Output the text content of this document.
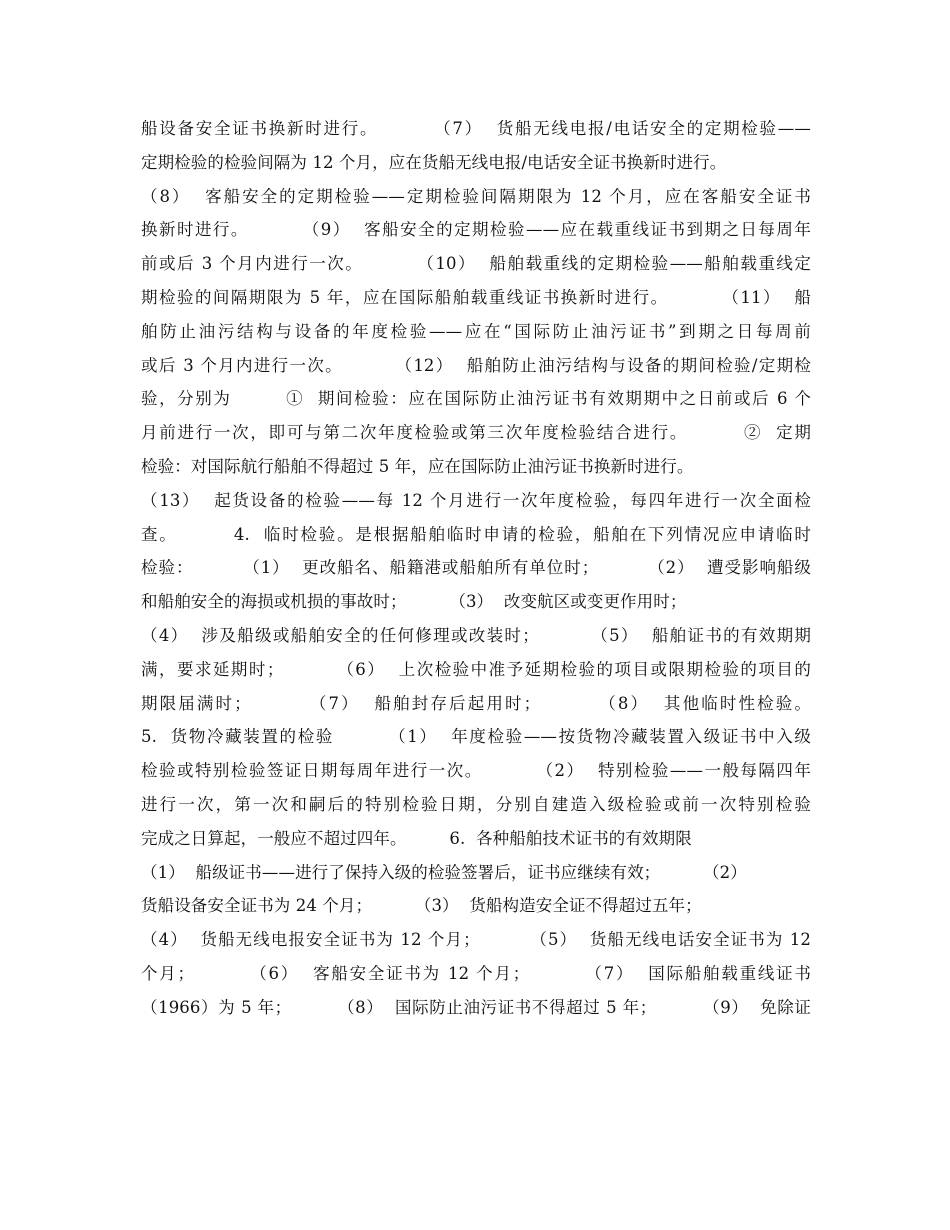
船设备安全证书换新时进行。        （7）  货船无线电报/电话安全的定期检验——
定期检验的检验间隔为 12 个月，应在货船无线电报/电话安全证书换新时进行。
（8）  客船安全的定期检验——定期检验间隔期限为 12 个月，应在客船安全证书
换新时进行。        （9）  客船安全的定期检验——应在载重线证书到期之日每周年
前或后 3 个月内进行一次。        （10）  船舶载重线的定期检验——船舶载重线定
期检验的间隔期限为 5 年，应在国际船舶载重线证书换新时进行。        （11）  船
舶防止油污结构与设备的年度检验——应在“国际防止油污证书”到期之日每周前
或后 3 个月内进行一次。        （12）  船舶防止油污结构与设备的期间检验/定期检
验，分别为        ①  期间检验：应在国际防止油污证书有效期期中之日前或后 6 个
月前进行一次，即可与第二次年度检验或第三次年度检验结合进行。        ②  定期
检验：对国际航行船舶不得超过 5 年，应在国际防止油污证书换新时进行。
（13）  起货设备的检验——每 12 个月进行一次年度检验，每四年进行一次全面检
查。        4.  临时检验。是根据船舶临时申请的检验，船舶在下列情况应申请临时
检验：        （1）  更改船名、船籍港或船舶所有单位时；        （2）  遭受影响船级
和船舶安全的海损或机损的事故时；        （3）  改变航区或变更作用时；
（4）  涉及船级或船舶安全的任何修理或改装时；        （5）  船舶证书的有效期期
满，要求延期时；        （6）  上次检验中准予延期检验的项目或限期检验的项目的
期限届满时；        （7）  船舶封存后起用时；        （8）  其他临时性检验。
5.  货物冷藏装置的检验        （1）  年度检验——按货物冷藏装置入级证书中入级
检验或特别检验签证日期每周年进行一次。        （2）  特别检验——一般每隔四年
进行一次，第一次和嗣后的特别检验日期，分别自建造入级检验或前一次特别检验
完成之日算起，一般应不超过四年。        6.  各种船舶技术证书的有效期限
（1）  船级证书——进行了保持入级的检验签署后，证书应继续有效；        （2）
货船设备安全证书为 24 个月；        （3）  货船构造安全证不得超过五年；
（4）  货船无线电报安全证书为 12 个月；        （5）  货船无线电话安全证书为 12
个月；        （6）  客船安全证书为 12 个月；        （7）  国际船舶载重线证书
（1966）为 5 年；        （8）  国际防止油污证书不得超过 5 年；        （9）  免除证
